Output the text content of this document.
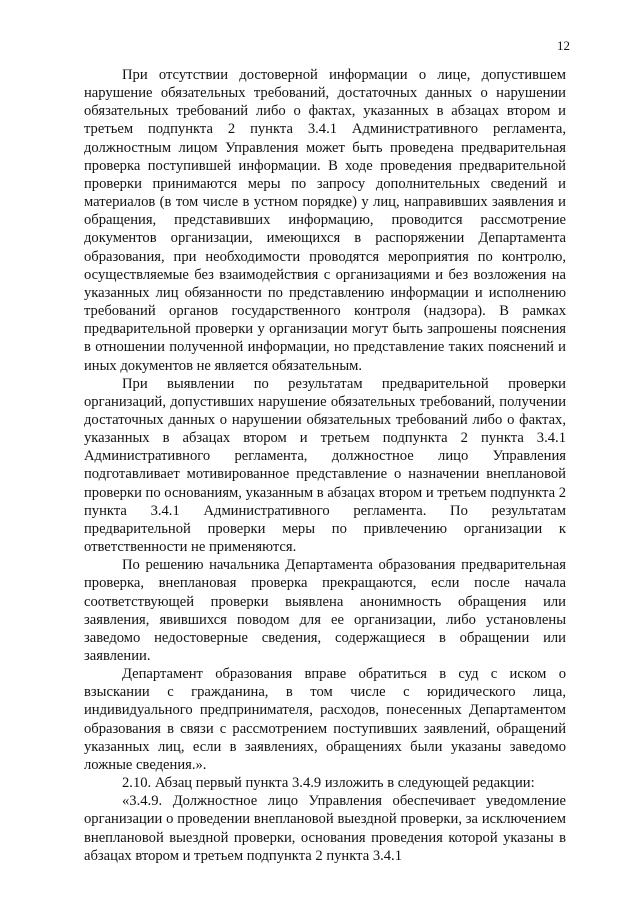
12

При отсутствии достоверной информации о лице, допустившем нарушение обязательных требований, достаточных данных о нарушении обязательных требований либо о фактах, указанных в абзацах втором и третьем подпункта 2 пункта 3.4.1 Административного регламента, должностным лицом Управления может быть проведена предварительная проверка поступившей информации. В ходе проведения предварительной проверки принимаются меры по запросу дополнительных сведений и материалов (в том числе в устном порядке) у лиц, направивших заявления и обращения, представивших информацию, проводится рассмотрение документов организации, имеющихся в распоряжении Департамента образования, при необходимости проводятся мероприятия по контролю, осуществляемые без взаимодействия с организациями и без возложения на указанных лиц обязанности по представлению информации и исполнению требований органов государственного контроля (надзора). В рамках предварительной проверки у организации могут быть запрошены пояснения в отношении полученной информации, но представление таких пояснений и иных документов не является обязательным.

При выявлении по результатам предварительной проверки организаций, допустивших нарушение обязательных требований, получении достаточных данных о нарушении обязательных требований либо о фактах, указанных в абзацах втором и третьем подпункта 2 пункта 3.4.1 Административного регламента, должностное лицо Управления подготавливает мотивированное представление о назначении внеплановой проверки по основаниям, указанным в абзацах втором и третьем подпункта 2 пункта 3.4.1 Административного регламента. По результатам предварительной проверки меры по привлечению организации к ответственности не применяются.

По решению начальника Департамента образования предварительная проверка, внеплановая проверка прекращаются, если после начала соответствующей проверки выявлена анонимность обращения или заявления, явившихся поводом для ее организации, либо установлены заведомо недостоверные сведения, содержащиеся в обращении или заявлении.

Департамент образования вправе обратиться в суд с иском о взыскании с гражданина, в том числе с юридического лица, индивидуального предпринимателя, расходов, понесенных Департаментом образования в связи с рассмотрением поступивших заявлений, обращений указанных лиц, если в заявлениях, обращениях были указаны заведомо ложные сведения.».

2.10. Абзац первый пункта 3.4.9 изложить в следующей редакции:

«3.4.9. Должностное лицо Управления обеспечивает уведомление организации о проведении внеплановой выездной проверки, за исключением внеплановой выездной проверки, основания проведения которой указаны в абзацах втором и третьем подпункта 2 пункта 3.4.1
